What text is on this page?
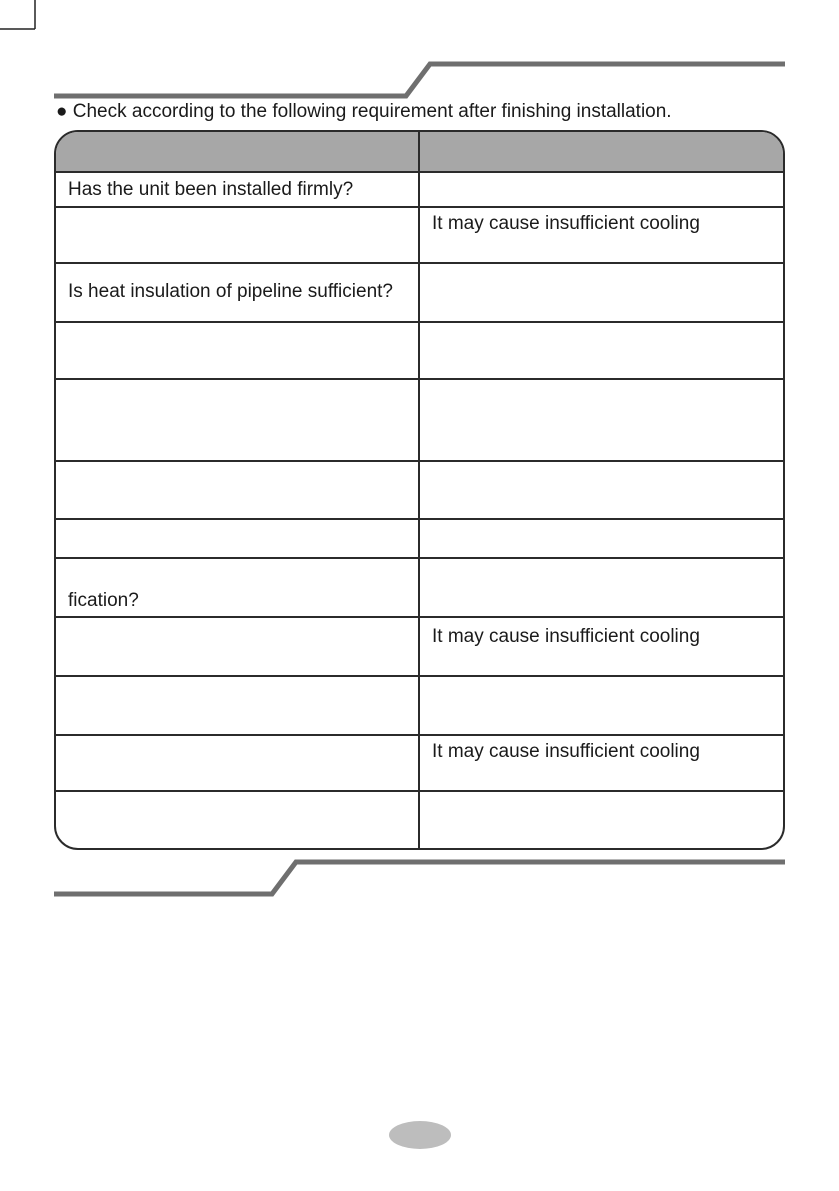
● Check according to the following requirement after finishing installation.
Has the unit been installed firmly?
It may cause insufficient cooling
Is heat insulation of pipeline sufficient?
fication?
It may cause insufficient cooling
It may cause insufficient cooling
